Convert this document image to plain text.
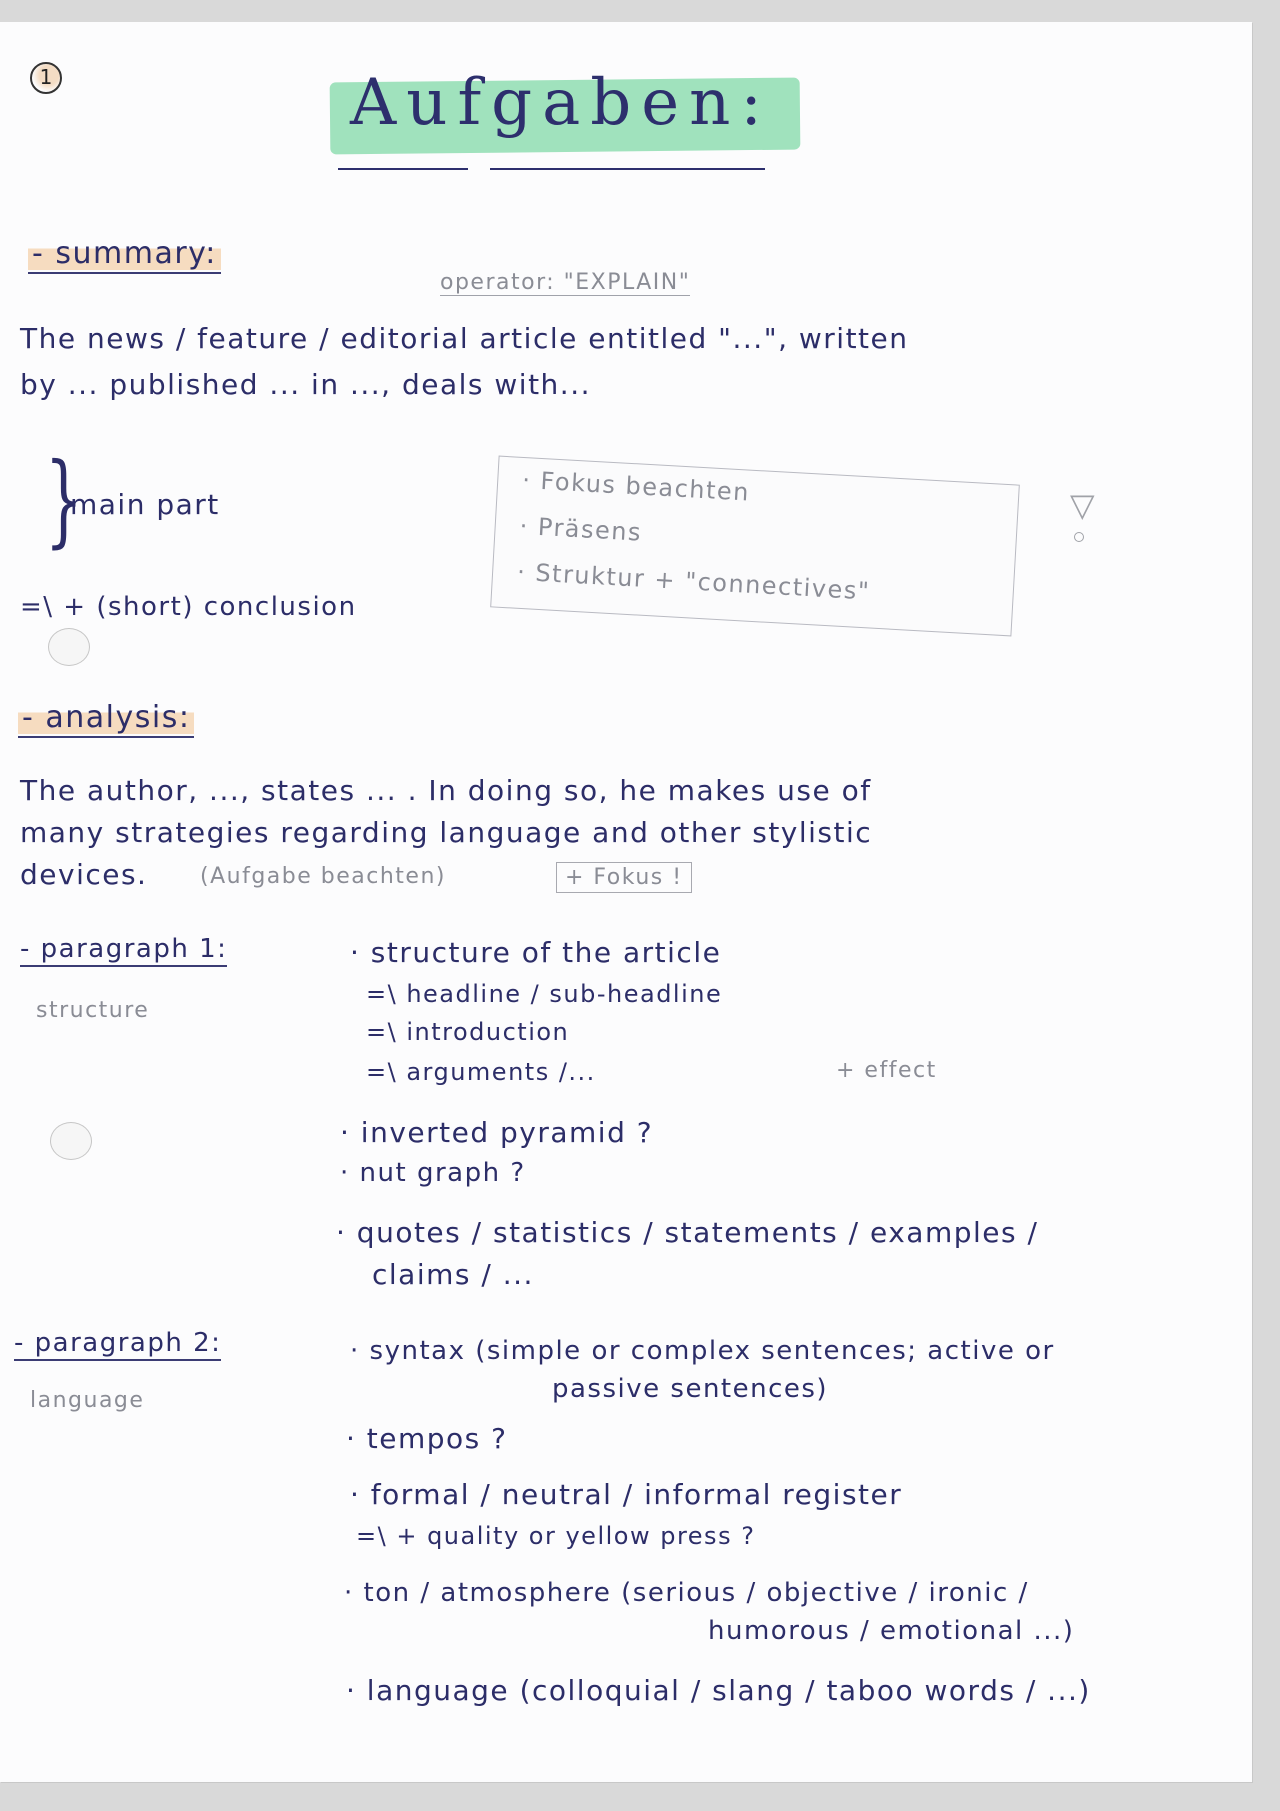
1	Aufgaben:
- summary:
operator: "EXPLAIN"
The news / feature / editorial article entitled "...", written
by ... published ... in ..., deals with...
}
main part
=\ + (short) conclusion
· Fokus beachten
· Präsens
· Struktur + "connectives"
▽
- analysis:
The author, ..., states ... . In doing so, he makes use of
many strategies regarding language and other stylistic
devices. (Aufgabe beachten)	+ Fokus !
- paragraph 1:
structure
· structure of the article
=\ headline / sub-headline
=\ introduction
=\ arguments /...	+ effect
· inverted pyramid ?
· nut graph ?
· quotes / statistics / statements / examples /
claims / ...
- paragraph 2:
language
· syntax (simple or complex sentences; active or
passive sentences)
· tempos ?
· formal / neutral / informal register
=\ + quality or yellow press ?
· ton / atmosphere (serious / objective / ironic /
humorous / emotional ...)
· language (colloquial / slang / taboo words / ...)
